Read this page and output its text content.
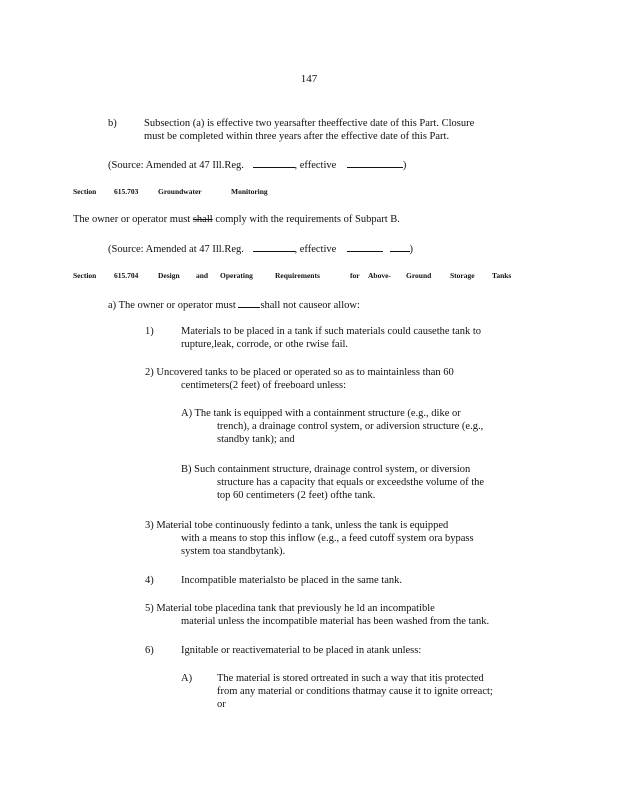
147
b)	Subsection (a) is effective two yearsafter theeffective date of this Part. Closure
must be completed within three years after the effective date of this Part.
(Source: Amended at 47 Ill.Reg.	, effective	)
Section 615.703	Groundwater	Monitoring
The owner or operator must shall comply with the requirements of Subpart B.
(Source: Amended at 47 Ill.Reg.	, effective	)
Section 615.704	Design and Operating	Requirements	for Above- Ground Storage Tanks
a) The owner or operator must shall not causeor allow:
1)	Materials to be placed in a tank if such materials could causethe tank to
rupture,leak, corrode, or othe rwise fail.
2) Uncovered tanks to be placed or operated so as to maintainless than 60
centimeters(2 feet) of freeboard unless:
A) The tank is equipped with a containment structure (e.g., dike or
trench), a drainage control system, or adiversion structure (e.g.,
standby tank); and
B) Such containment structure, drainage control system, or diversion
structure has a capacity that equals or exceedsthe volume of the
top 60 centimeters (2 feet) ofthe tank.
3) Material tobe continuously fedinto a tank, unless the tank is equipped
with a means to stop this inflow (e.g., a feed cutoff system ora bypass
system toa standbytank).
4)	Incompatible materialsto be placed in the same tank.
5) Material tobe placedina tank that previously he ld an incompatible
material unless the incompatible material has been washed from the tank.
6)	Ignitable or reactivematerial to be placed in atank unless:
A) The material is stored ortreated in such a way that itis protected
from any material or conditions thatmay cause it to ignite orreact;
or
